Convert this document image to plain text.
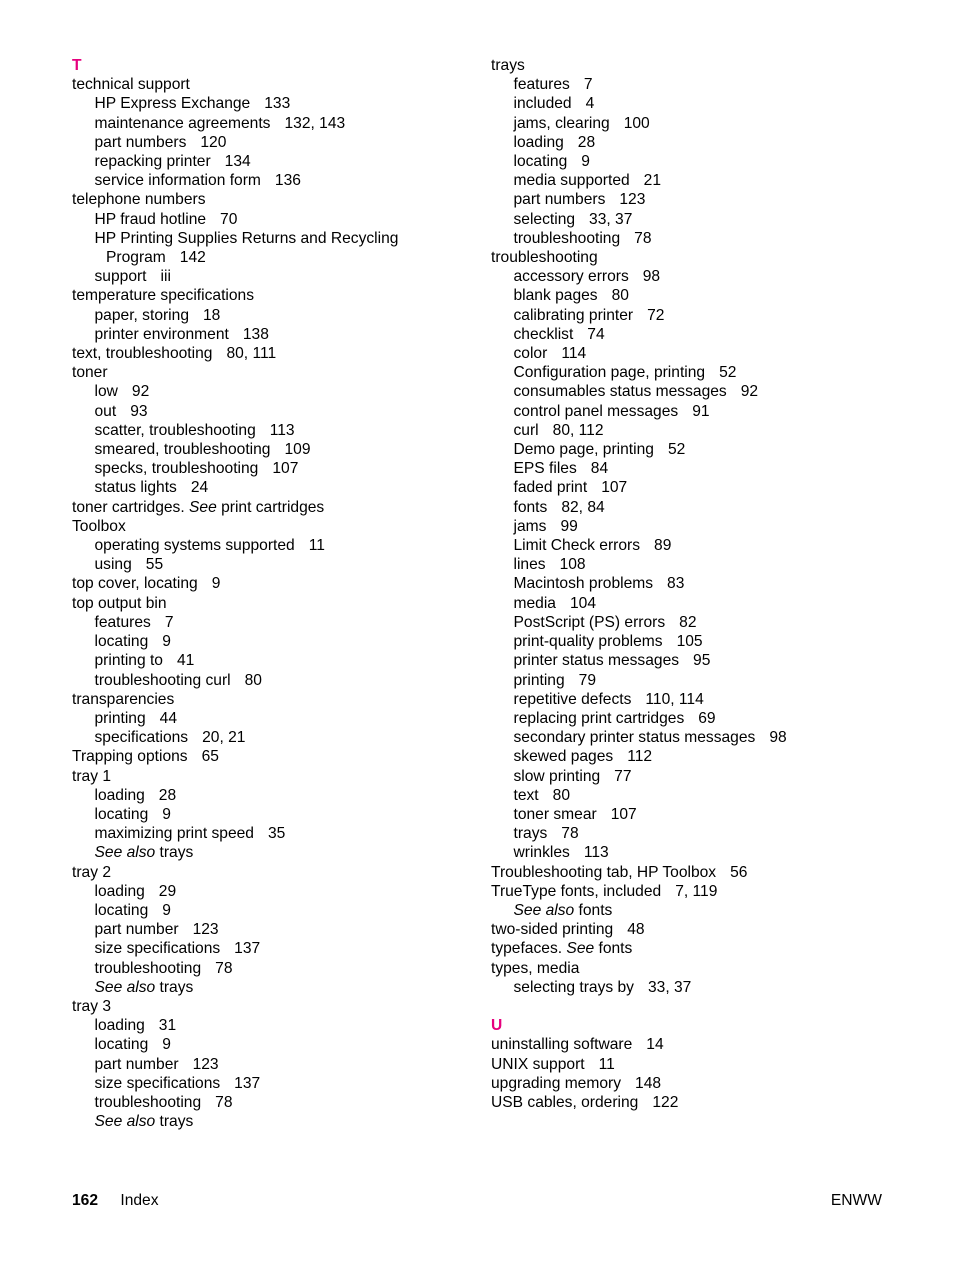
T
technical support
HP Express Exchange 133
maintenance agreements 132, 143
part numbers 120
repacking printer 134
service information form 136
telephone numbers
HP fraud hotline 70
HP Printing Supplies Returns and Recycling
Program 142
support iii
temperature specifications
paper, storing 18
printer environment 138
text, troubleshooting 80, 111
toner
low 92
out 93
scatter, troubleshooting 113
smeared, troubleshooting 109
specks, troubleshooting 107
status lights 24
toner cartridges. See print cartridges
Toolbox
operating systems supported 11
using 55
top cover, locating 9
top output bin
features 7
locating 9
printing to 41
troubleshooting curl 80
transparencies
printing 44
specifications 20, 21
Trapping options 65
tray 1
loading 28
locating 9
maximizing print speed 35
See also trays
tray 2
loading 29
locating 9
part number 123
size specifications 137
troubleshooting 78
See also trays
tray 3
loading 31
locating 9
part number 123
size specifications 137
troubleshooting 78
See also trays
trays
features 7
included 4
jams, clearing 100
loading 28
locating 9
media supported 21
part numbers 123
selecting 33, 37
troubleshooting 78
troubleshooting
accessory errors 98
blank pages 80
calibrating printer 72
checklist 74
color 114
Configuration page, printing 52
consumables status messages 92
control panel messages 91
curl 80, 112
Demo page, printing 52
EPS files 84
faded print 107
fonts 82, 84
jams 99
Limit Check errors 89
lines 108
Macintosh problems 83
media 104
PostScript (PS) errors 82
print-quality problems 105
printer status messages 95
printing 79
repetitive defects 110, 114
replacing print cartridges 69
secondary printer status messages 98
skewed pages 112
slow printing 77
text 80
toner smear 107
trays 78
wrinkles 113
Troubleshooting tab, HP Toolbox 56
TrueType fonts, included 7, 119
See also fonts
two-sided printing 48
typefaces. See fonts
types, media
selecting trays by 33, 37
U
uninstalling software 14
UNIX support 11
upgrading memory 148
USB cables, ordering 122
162 Index	ENWW
